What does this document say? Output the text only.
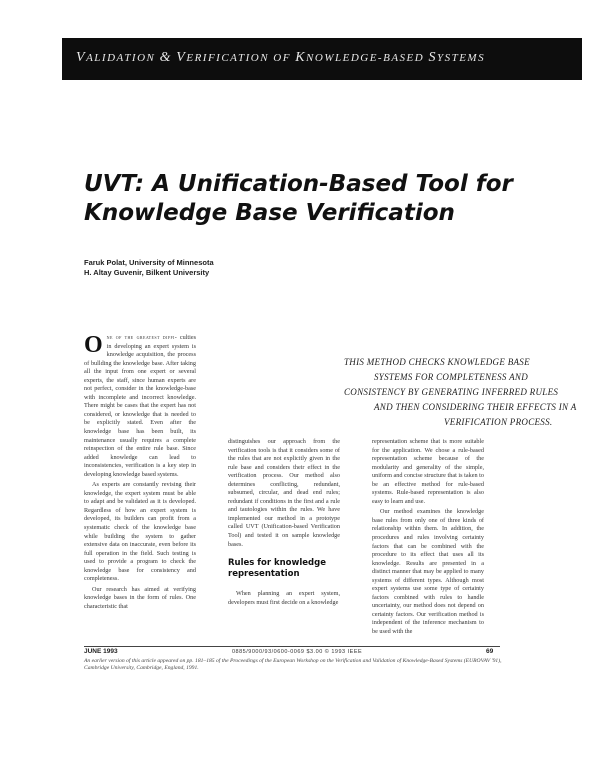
VALIDATION & VERIFICATION OF KNOWLEDGE-BASED SYSTEMS
UVT: A Unification-Based Tool for Knowledge Base Verification
Faruk Polat, University of Minnesota
H. Altay Guvenir, Bilkent University
THIS METHOD CHECKS KNOWLEDGE BASE
SYSTEMS FOR COMPLETENESS AND
CONSISTENCY BY GENERATING INFERRED RULES
AND THEN CONSIDERING THEIR EFFECTS IN A
VERIFICATION PROCESS.

One of the greatest diffi- culties in developing an expert system is knowledge acquisition, the process of bullding the knowledge base. After taking all the input from one expert or several experts, the staff, since human experts are not perfect, consider in the knowledge-base with incomplete and incorrect knowledge. There might be cases that the expert has not considered, or knowledge that is needed to be explicitly stated. Even after the knowledge base has been built, its maintenance usually requires a complete reinspection of the entire rule base. Since added knowledge can lead to inconsistencies, verification is a key step in developing knowledge based systems.

As experts are constantly revising their knowledge, the expert system must be able to adapt and be validated as it is developed. Regardless of how an expert system is developed, its builders can profit from a systematic check of the knowledge base while building the system to gather extensive data on inaccurate, even before its full operation in the field. Such testing is used to provide a program to check the knowledge base for consistency and completeness.

Our research has aimed at verifying knowledge bases in the form of rules. One characteristic that

distinguishes our approach from the verification tools is that it considers some of the rules that are not explicitly given in the rule base and considers their effect in the verification process. Our method also determines conflicting, redundant, subsumed, circular, and dead end rules; redundant if conditions in the first and a rule and tautologies within the rules. We have implemented our method in a prototype called UVT (Unification-based Verification Tool) and tested it on sample knowledge bases.

Rules for knowledge representation

When planning an expert system, developers must first decide on a knowledge

representation scheme that is more suitable for the application. We chose a rule-based representation scheme because of the modularity and generality of the simple, uniform and concise structure that is taken to be an effective method for rule-based systems. Rule-based representation is also easy to learn and use.

Our method examines the knowledge base rules from only one of three kinds of relationship within them. In addition, the procedures and rules involving certainty factors that can be combined with the procedure to its effect that uses all its knowledge. Results are presented in a distinct manner that may be applied to many systems of different types. Although most expert systems use some type of certainty factors combined with rules to handle uncertainty, our method does not depend on certainty factors. Our verification method is independent of the inference mechanism to be used with the

JUNE 1993	0885/9000/93/0600-0069 $3.00 © 1993 IEEE	69
An earlier version of this article appeared on pp. 181–185 of the Proceedings of the European Workshop on the Verification and Validation of Knowledge-Based Systems (EUROVAV '91), Cambridge University, Cambridge, England, 1991.
